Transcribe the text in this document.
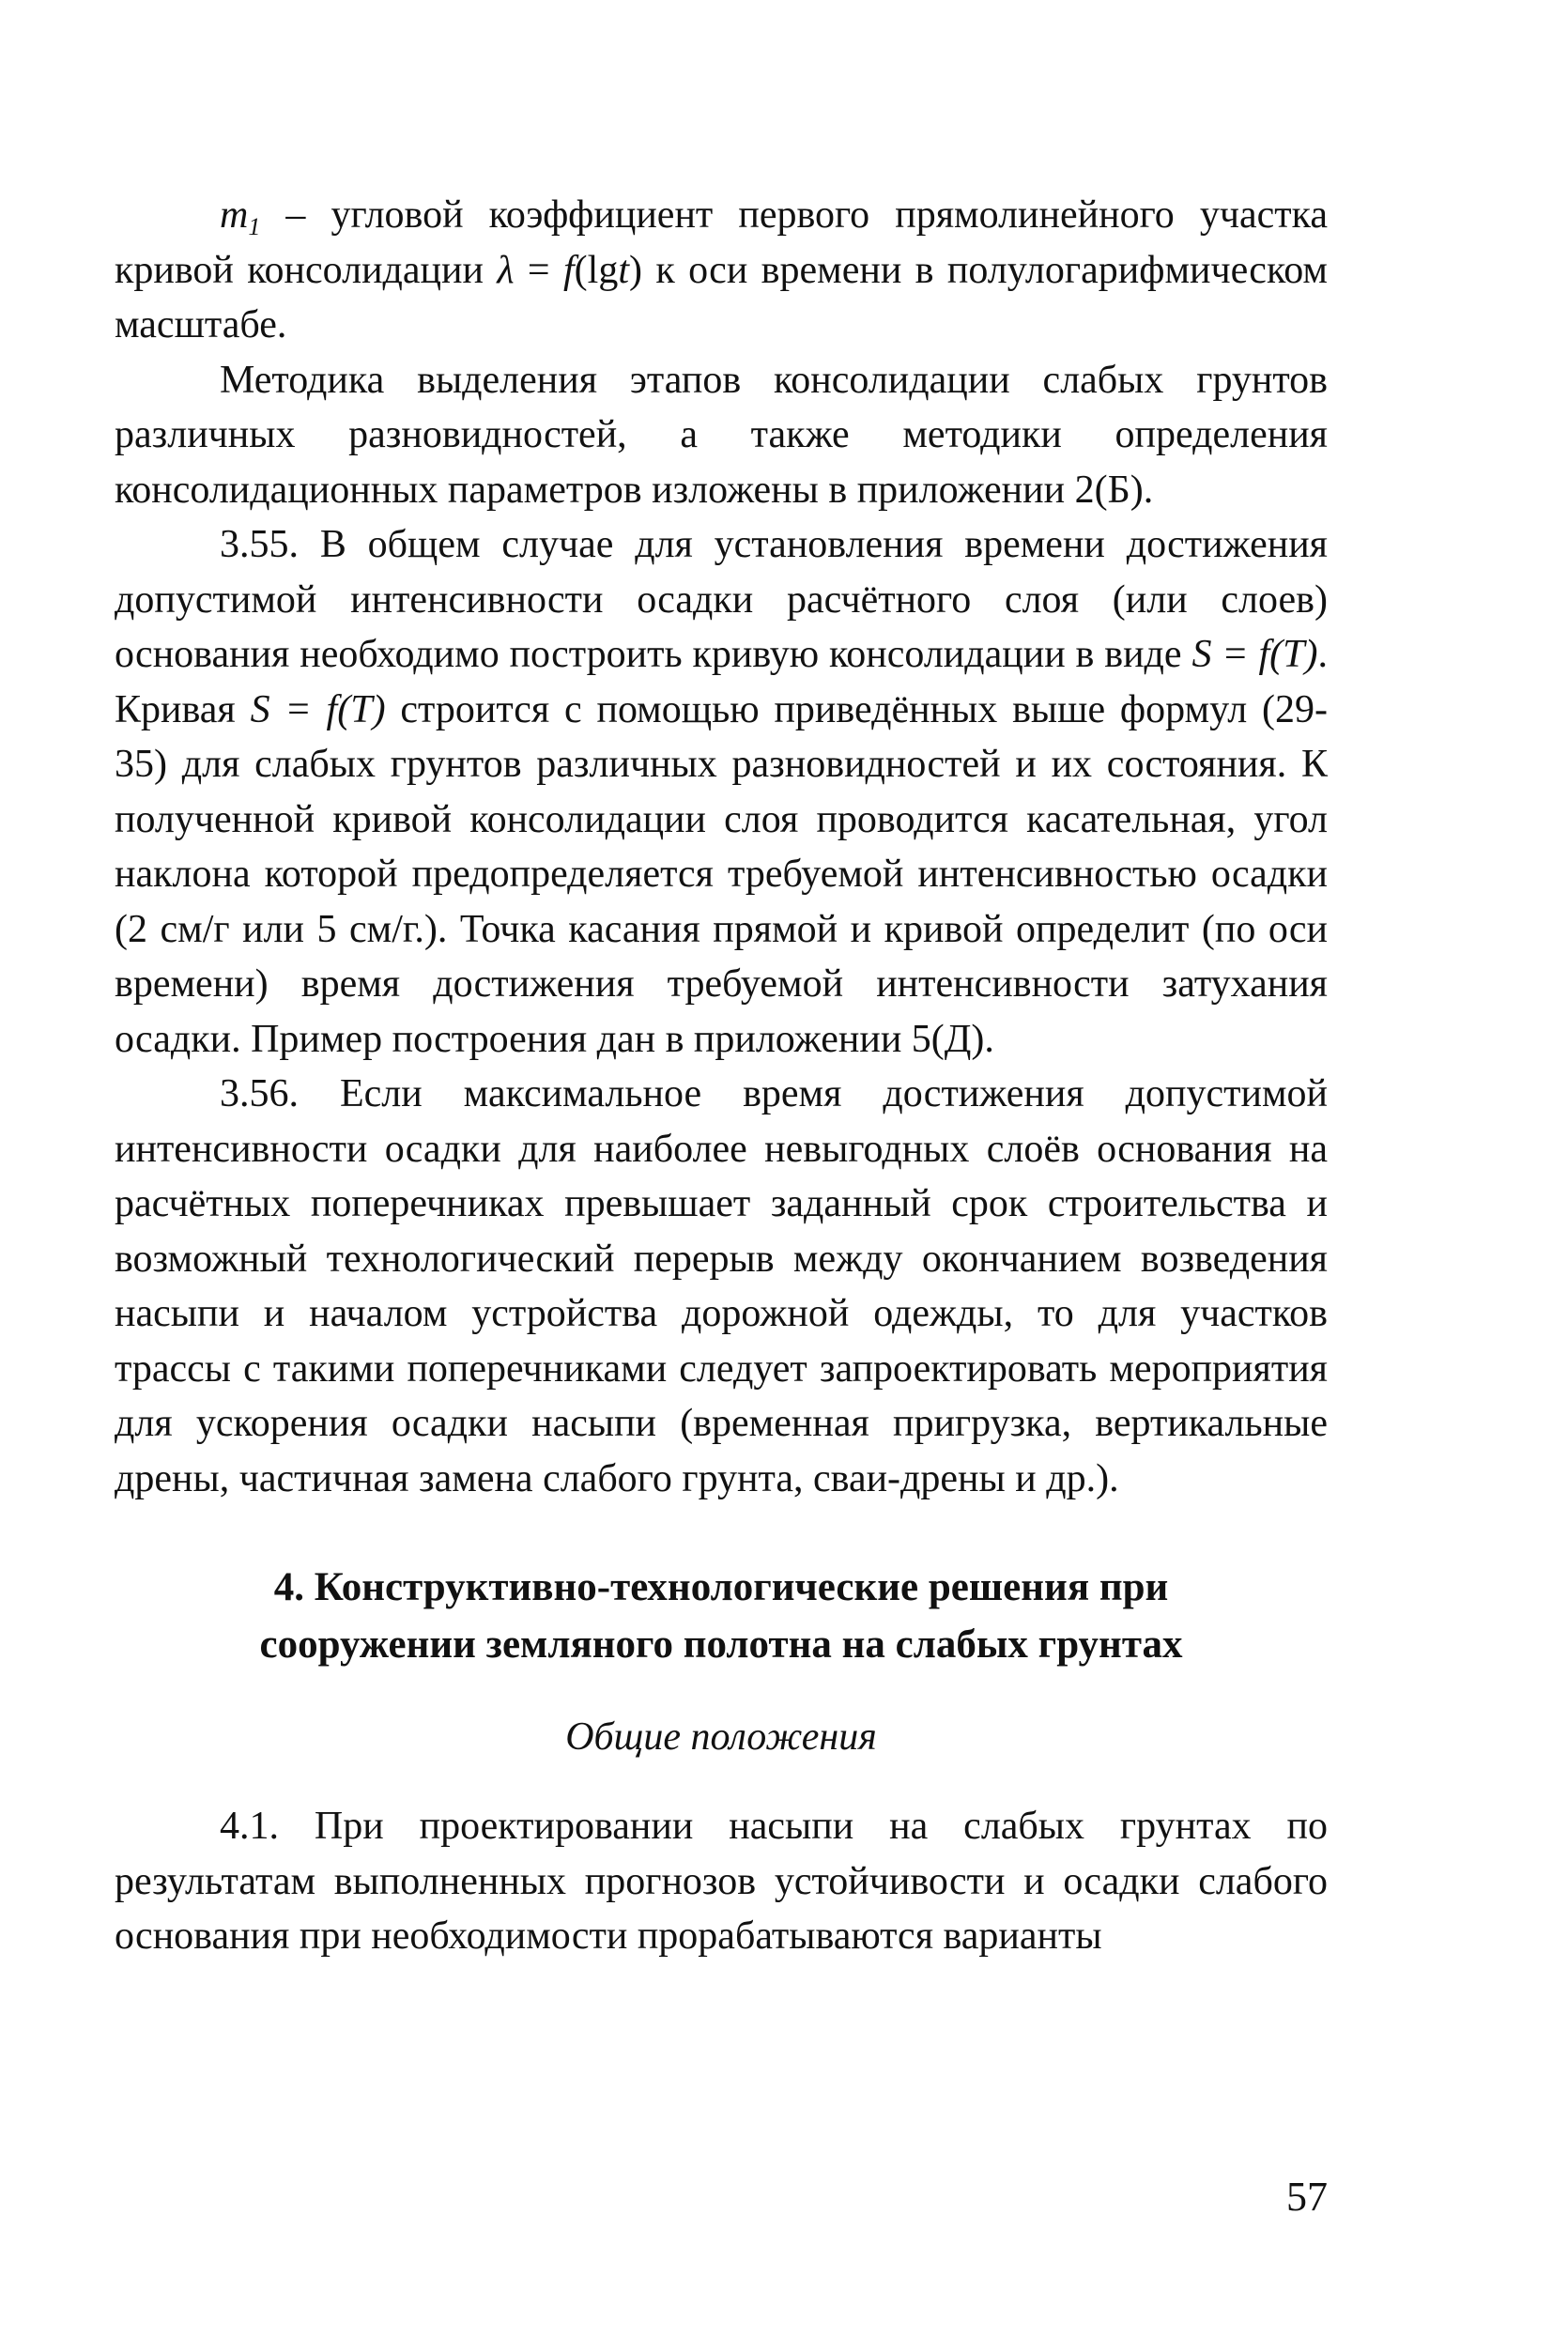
$m_1$ – угловой коэффициент первого прямолинейного участка кривой консолидации λ = f(lgt) к оси времени в полулогарифмическом масштабе.

Методика выделения этапов консолидации слабых грунтов различных разновидностей, а также методики определения консолидационных параметров изложены в приложении 2(Б).

3.55. В общем случае для установления времени достижения допустимой интенсивности осадки расчётного слоя (или слоев) основания необходимо построить кривую консолидации в виде S = f(T). Кривая S = f(T) строится с помощью приведённых выше формул (29-35) для слабых грунтов различных разновидностей и их состояния. К полученной кривой консолидации слоя проводится касательная, угол наклона которой предопределяется требуемой интенсивностью осадки (2 см/г или 5 см/г.). Точка касания прямой и кривой определит (по оси времени) время достижения требуемой интенсивности затухания осадки. Пример построения дан в приложении 5(Д).

3.56. Если максимальное время достижения допустимой интенсивности осадки для наиболее невыгодных слоёв основания на расчётных поперечниках превышает заданный срок строительства и возможный технологический перерыв между окончанием возведения насыпи и началом устройства дорожной одежды, то для участков трассы с такими поперечниками следует запроектировать мероприятия для ускорения осадки насыпи (временная пригрузка, вертикальные дрены, частичная замена слабого грунта, сваи-дрены и др.).

4. Конструктивно-технологические решения при
сооружении земляного полотна на слабых грунтах

Общие положения

4.1. При проектировании насыпи на слабых грунтах по результатам выполненных прогнозов устойчивости и осадки слабого основания при необходимости прорабатываются варианты

57
